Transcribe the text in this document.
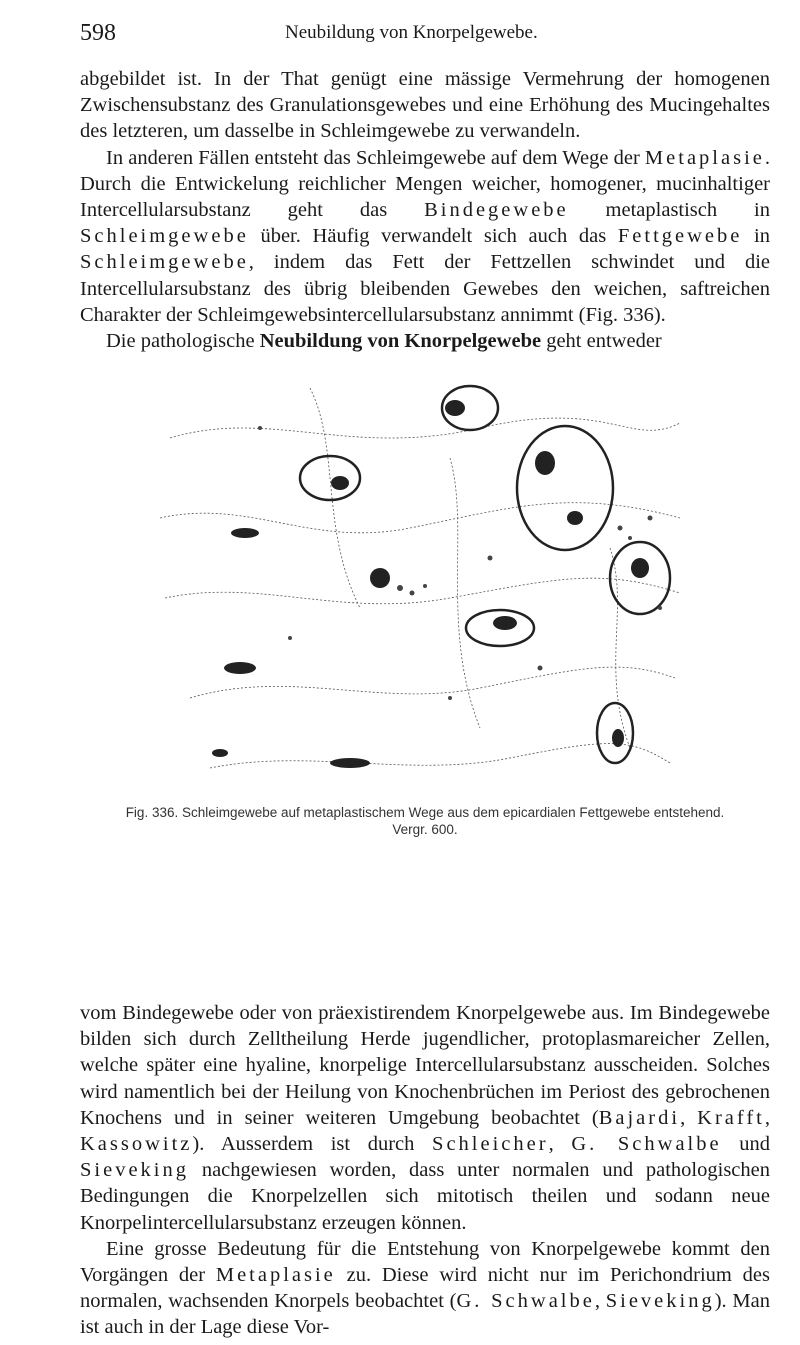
598	Neubildung von Knorpelgewebe.

abgebildet ist. In der That genügt eine mässige Vermehrung der homogenen Zwischensubstanz des Granulationsgewebes und eine Erhöhung des Mucingehaltes des letzteren, um dasselbe in Schleimgewebe zu verwandeln.

In anderen Fällen entsteht das Schleimgewebe auf dem Wege der Metaplasie. Durch die Entwickelung reichlicher Mengen weicher, homogener, mucinhaltiger Intercellularsubstanz geht das Bindegewebe metaplastisch in Schleimgewebe über. Häufig verwandelt sich auch das Fettgewebe in Schleimgewebe, indem das Fett der Fettzellen schwindet und die Intercellularsubstanz des übrig bleibenden Gewebes den weichen, saftreichen Charakter der Schleimgewebsintercellularsubstanz annimmt (Fig. 336).

Die pathologische Neubildung von Knorpelgewebe geht entweder

Fig. 336. Schleimgewebe auf metaplastischem Wege aus dem epicardialen Fettgewebe entstehend.
Vergr. 600.

vom Bindegewebe oder von präexistirendem Knorpelgewebe aus. Im Bindegewebe bilden sich durch Zelltheilung Herde jugendlicher, protoplasmareicher Zellen, welche später eine hyaline, knorpelige Intercellularsubstanz ausscheiden. Solches wird namentlich bei der Heilung von Knochenbrüchen im Periost des gebrochenen Knochens und in seiner weiteren Umgebung beobachtet (Bajardi, Krafft, Kassowitz). Ausserdem ist durch Schleicher, G. Schwalbe und Sieveking nachgewiesen worden, dass unter normalen und pathologischen Bedingungen die Knorpelzellen sich mitotisch theilen und sodann neue Knorpelintercellularsubstanz erzeugen können.

Eine grosse Bedeutung für die Entstehung von Knorpelgewebe kommt den Vorgängen der Metaplasie zu. Diese wird nicht nur im Perichondrium des normalen, wachsenden Knorpels beobachtet (G. Schwalbe, Sieveking). Man ist auch in der Lage diese Vor-
